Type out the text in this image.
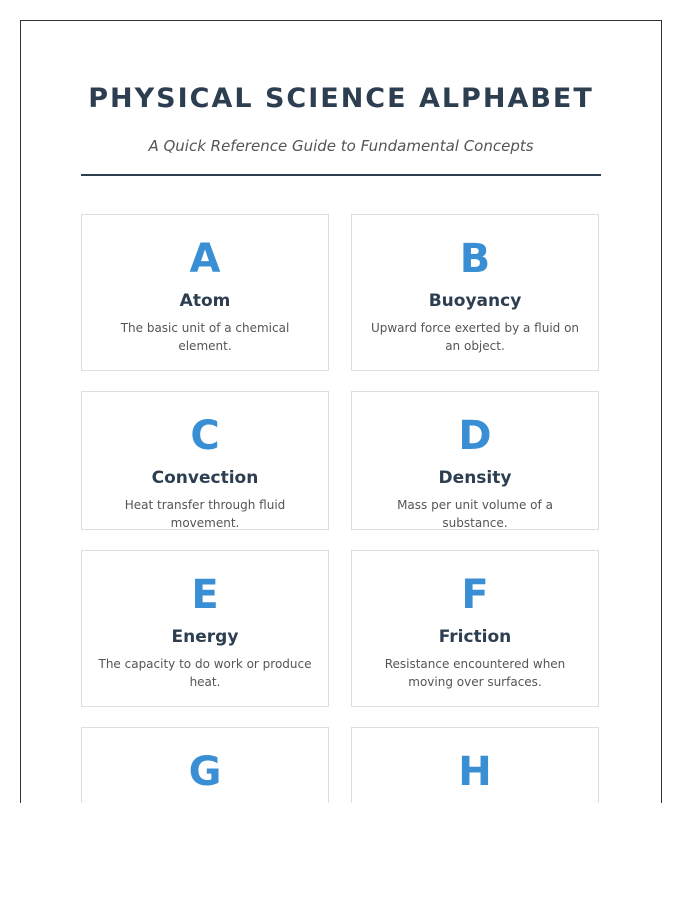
PHYSICAL SCIENCE ALPHABET
A Quick Reference Guide to Fundamental Concepts
A
Atom
The basic unit of a chemical element.
B
Buoyancy
Upward force exerted by a fluid on an object.
C
Convection
Heat transfer through fluid movement.
D
Density
Mass per unit volume of a substance.
E
Energy
The capacity to do work or produce heat.
F
Friction
Resistance encountered when moving over surfaces.
G	H
